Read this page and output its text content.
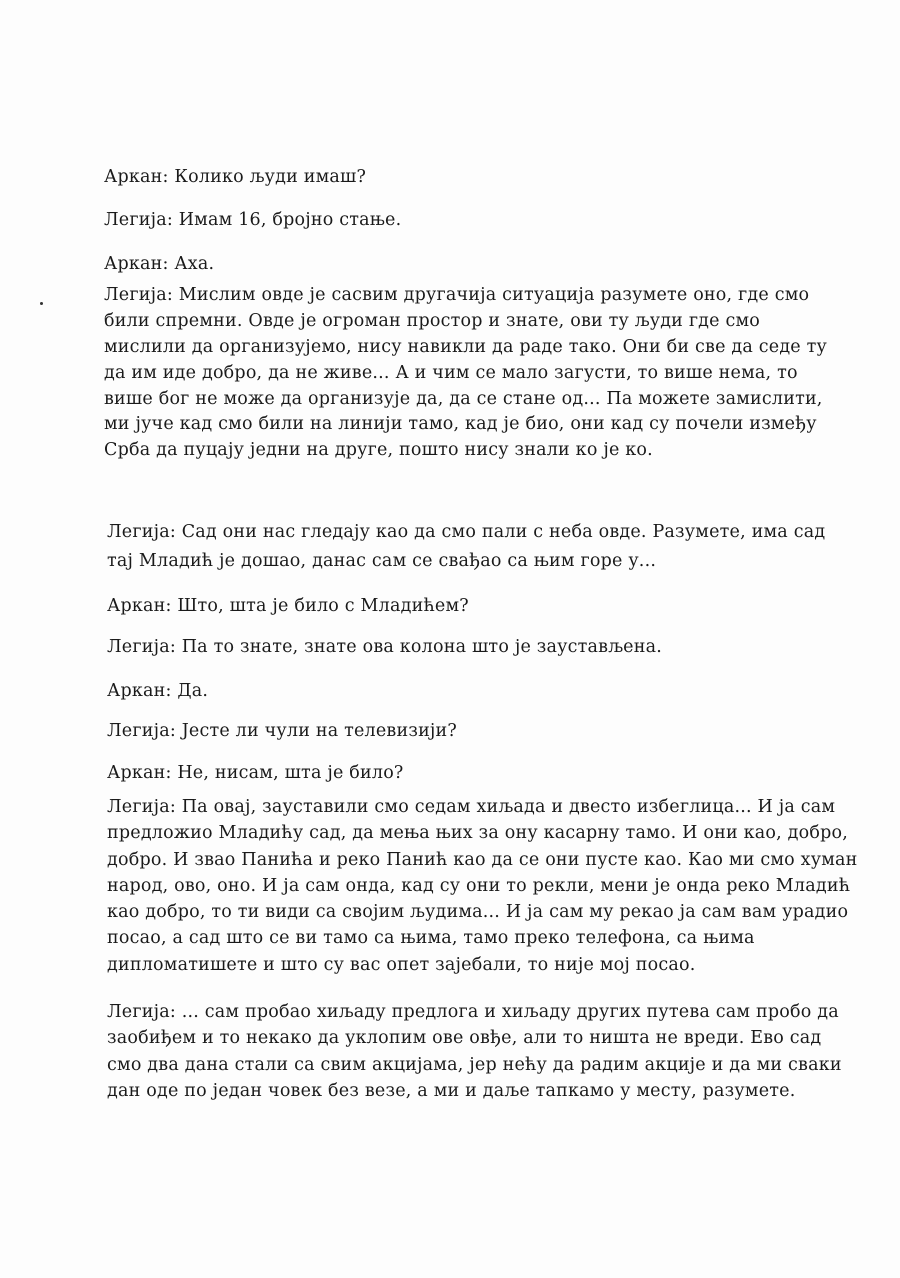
Аркан: Колико људи имаш?
Легија: Имам 16, бројно стање.
Аркан: Аха.
Легија: Мислим овде је сасвим другачија ситуација разумете оно, где смо
били спремни. Овде је огроман простор и знате, ови ту људи где смо
мислили да организујемо, нису навикли да раде тако. Они би све да седе ту
да им иде добро, да не живе... А и чим се мало загусти, то више нема, то
више бог не може да организује да, да се стане од... Па можете замислити,
ми јуче кад смо били на линији тамо, кад је био, они кад су почели између
Срба да пуцају једни на друге, пошто нису знали ко је ко.
Легија: Сад они нас гледају као да смо пали с неба овде. Разумете, има сад
тај Младић је дошао, данас сам се свађао са њим горе у...
Аркан: Што, шта је било с Младићем?
Легија: Па то знате, знате ова колона што је заустављена.
Аркан: Да.
Легија: Јесте ли чули на телевизији?
Аркан: Не, нисам, шта је било?
Легија: Па овај, зауставили смо седам хиљада и двесто избеглица... И ја сам
предложио Младићу сад, да мења њих за ону касарну тамо. И они као, добро,
добро. И звао Панића и реко Панић као да се они пусте као. Као ми смо хуман
народ, ово, оно. И ја сам онда, кад су они то рекли, мени је онда реко Младић
као добро, то ти види са својим људима... И ја сам му рекао ја сам вам урадио
посао, а сад што се ви тамо са њима, тамо преко телефона, са њима
дипломатишете и што су вас опет зајебали, то није мој посао.
Легија: ... сам пробао хиљаду предлога и хиљаду других путева сам пробо да
заобиђем и то некако да уклопим ове овђе, али то ништа не вреди. Ево сад
смо два дана стали са свим акцијама, јер нећу да радим акције и да ми сваки
дан оде по један човек без везе, а ми и даље тапкамо у месту, разумете.
